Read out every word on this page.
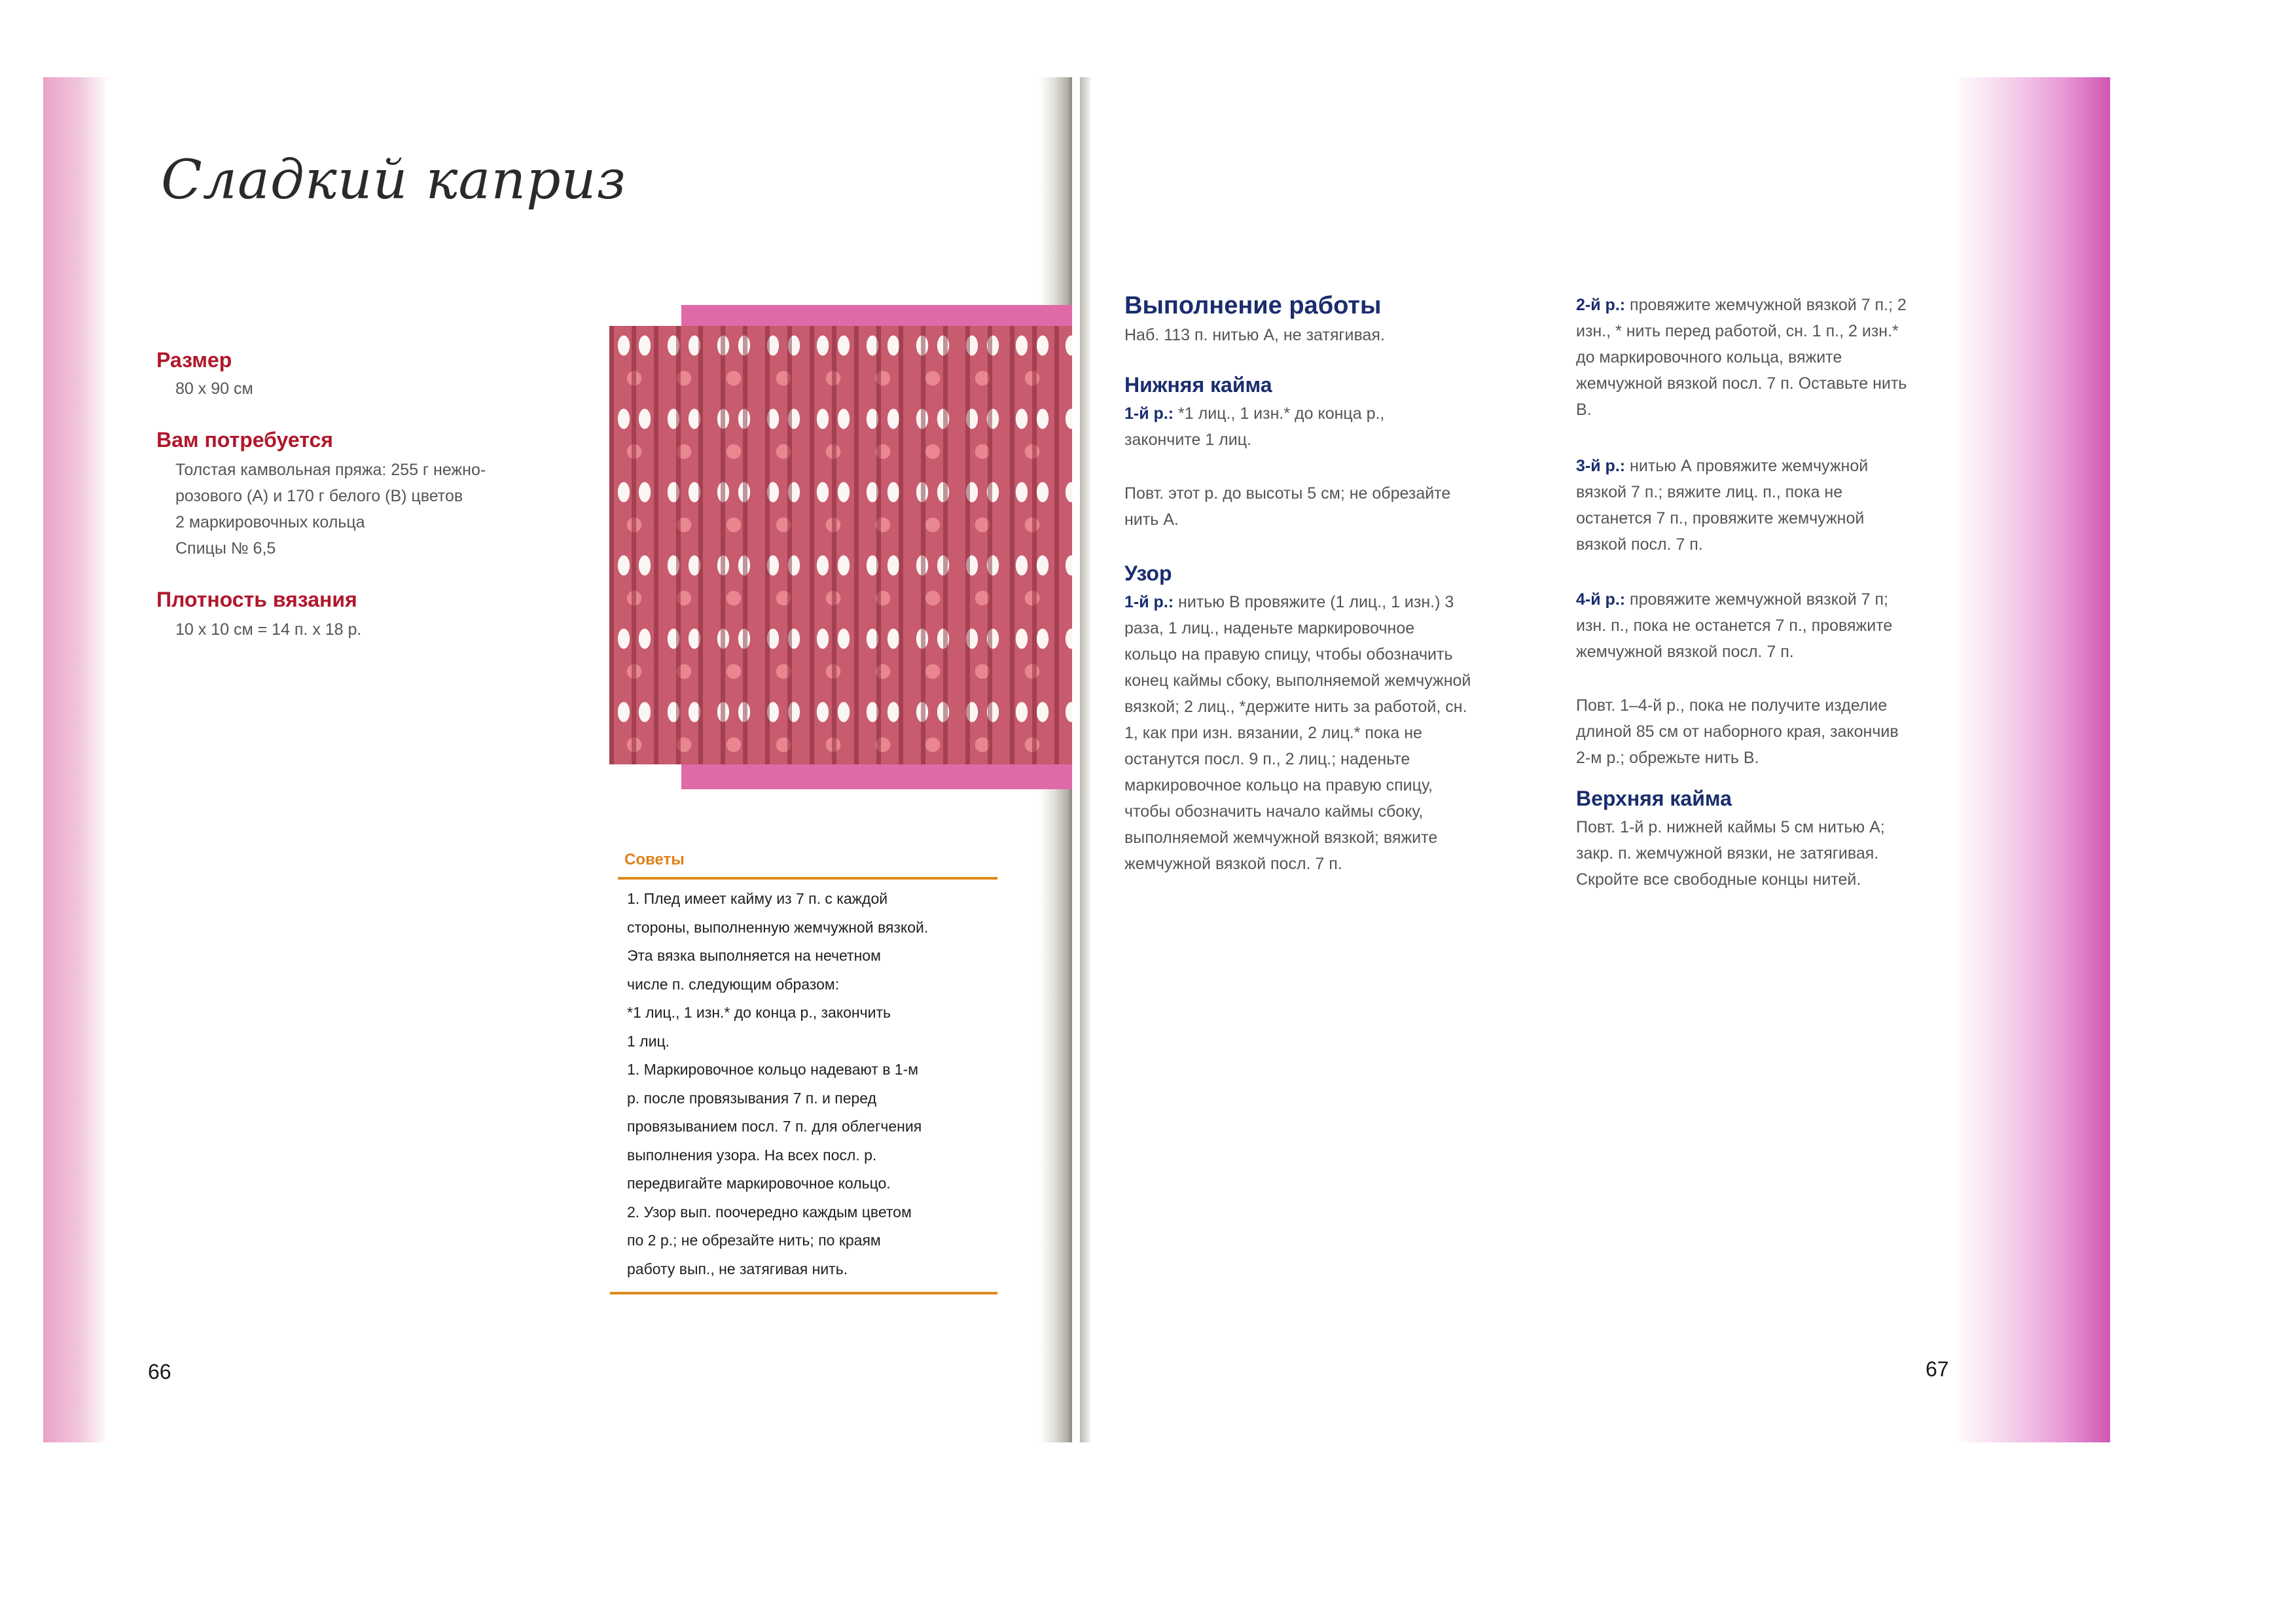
Сладкий каприз
Размер

80 x 90 см

Вам потребуется
Толстая камвольная пряжа: 255 г нежно-
розового (А) и 170 г белого (В) цветов
2 маркировочных кольца
Спицы № 6,5
Плотность вязания

10 x 10 см = 14 п. x 18 р.

Советы

1. Плед имеет кайму из 7 п. с каждой
стороны, выполненную жемчужной вязкой.
Эта вязка выполняется на нечетном
числе п. следующим образом:
*1 лиц., 1 изн.* до конца р., закончить
1 лиц.
1. Маркировочное кольцо надевают в 1-м
р. после провязывания 7 п. и перед
провязыванием посл. 7 п. для облегчения
выполнения узора. На всех посл. р.
передвигайте маркировочное кольцо.
2. Узор вып. поочередно каждым цветом
по 2 р.; не обрезайте нить; по краям
работу вып., не затягивая нить.

66

Выполнение работы

Наб. 113 п. нитью А, не затягивая.

Нижняя кайма
1-й р.: *1 лиц., 1 изн.* до конца р.,
закончите 1 лиц.
Повт. этот р. до высоты 5 см; не обрезайте
нить А.
Узор
1-й р.: нитью В провяжите (1 лиц., 1 изн.) 3
раза, 1 лиц., наденьте маркировочное
кольцо на правую спицу, чтобы обозначить
конец каймы сбоку, выполняемой жемчужной
вязкой; 2 лиц., *держите нить за работой, сн.
1, как при изн. вязании, 2 лиц.* пока не
останутся посл. 9 п., 2 лиц.; наденьте
маркировочное кольцо на правую спицу,
чтобы обозначить начало каймы сбоку,
выполняемой жемчужной вязкой; вяжите
жемчужной вязкой посл. 7 п.
2-й р.: провяжите жемчужной вязкой 7 п.; 2
изн., * нить перед работой, сн. 1 п., 2 изн.*
до маркировочного кольца, вяжите
жемчужной вязкой посл. 7 п. Оставьте нить
В.
3-й р.: нитью А провяжите жемчужной
вязкой 7 п.; вяжите лиц. п., пока не
останется 7 п., провяжите жемчужной
вязкой посл. 7 п.
4-й р.: провяжите жемчужной вязкой 7 п;
изн. п., пока не останется 7 п., провяжите
жемчужной вязкой посл. 7 п.
Повт. 1–4-й р., пока не получите изделие
длиной 85 см от наборного края, закончив
2-м р.; обрежьте нить В.
Верхняя кайма
Повт. 1-й р. нижней каймы 5 см нитью А;
закр. п. жемчужной вязки, не затягивая.
Скройте все свободные концы нитей.

67
